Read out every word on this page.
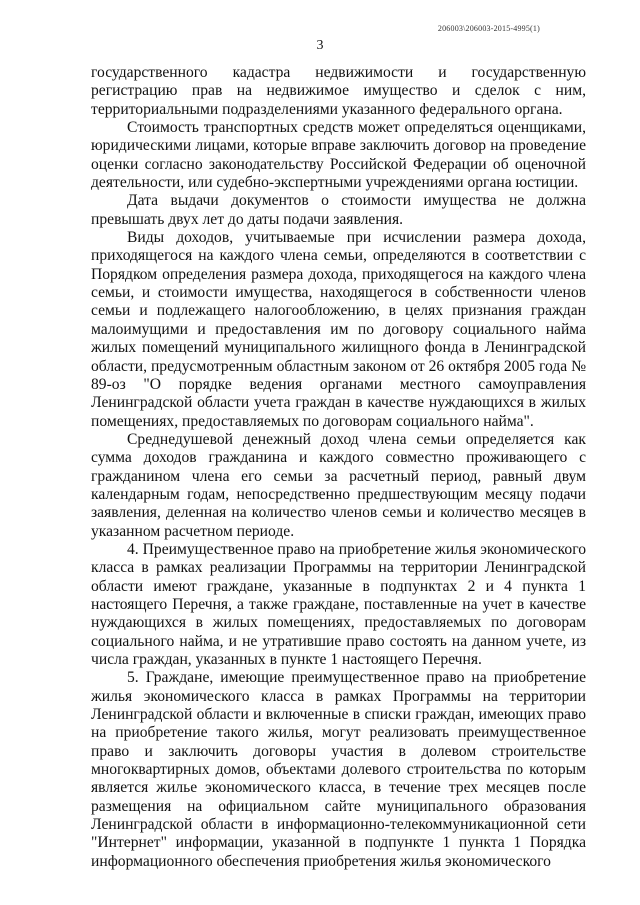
206003\206003-2015-4995(1)
3

государственного кадастра недвижимости и государственную регистрацию прав на недвижимое имущество и сделок с ним, территориальными подразделениями указанного федерального органа.

Стоимость транспортных средств может определяться оценщиками, юридическими лицами, которые вправе заключить договор на проведение оценки согласно законодательству Российской Федерации об оценочной деятельности, или судебно-экспертными учреждениями органа юстиции.

Дата выдачи документов о стоимости имущества не должна превышать двух лет до даты подачи заявления.

Виды доходов, учитываемые при исчислении размера дохода, приходящегося на каждого члена семьи, определяются в соответствии с Порядком определения размера дохода, приходящегося на каждого члена семьи, и стоимости имущества, находящегося в собственности членов семьи и подлежащего налогообложению, в целях признания граждан малоимущими и предоставления им по договору социального найма жилых помещений муниципального жилищного фонда в Ленинградской области, предусмотренным областным законом от 26 октября 2005 года № 89-оз "О порядке ведения органами местного самоуправления Ленинградской области учета граждан в качестве нуждающихся в жилых помещениях, предоставляемых по договорам социального найма".

Среднедушевой денежный доход члена семьи определяется как сумма доходов гражданина и каждого совместно проживающего с гражданином члена его семьи за расчетный период, равный двум календарным годам, непосредственно предшествующим месяцу подачи заявления, деленная на количество членов семьи и количество месяцев в указанном расчетном периоде.

4. Преимущественное право на приобретение жилья экономического класса в рамках реализации Программы на территории Ленинградской области имеют граждане, указанные в подпунктах 2 и 4 пункта 1 настоящего Перечня, а также граждане, поставленные на учет в качестве нуждающихся в жилых помещениях, предоставляемых по договорам социального найма, и не утратившие право состоять на данном учете, из числа граждан, указанных в пункте 1 настоящего Перечня.

5. Граждане, имеющие преимущественное право на приобретение жилья экономического класса в рамках Программы на территории Ленинградской области и включенные в списки граждан, имеющих право на приобретение такого жилья, могут реализовать преимущественное право и заключить договоры участия в долевом строительстве многоквартирных домов, объектами долевого строительства по которым является жилье экономического класса, в течение трех месяцев после размещения на официальном сайте муниципального образования Ленинградской области в информационно-телекоммуникационной сети "Интернет" информации, указанной в подпункте 1 пункта 1 Порядка информационного обеспечения приобретения жилья экономического
